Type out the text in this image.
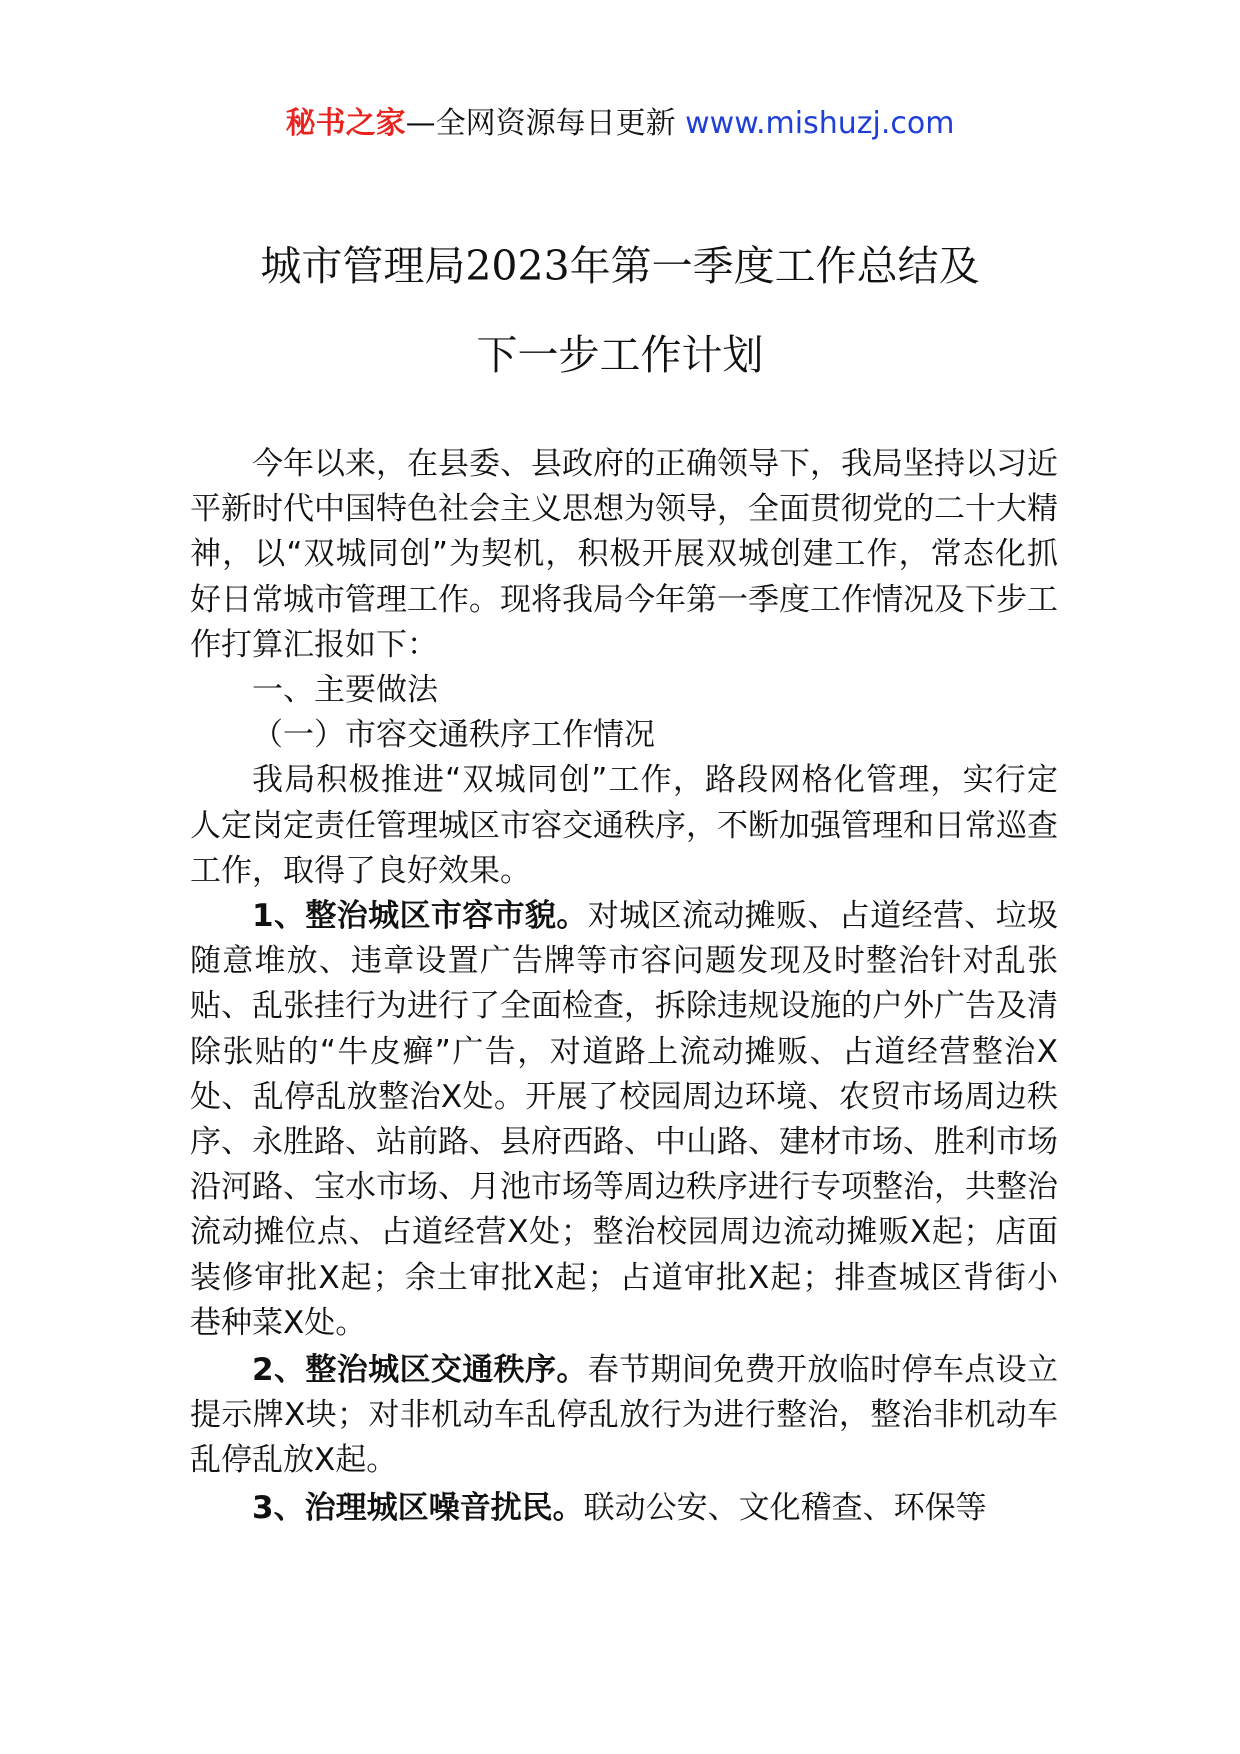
秘书之家—全网资源每日更新 www.mishuzj.com
城市管理局2023年第一季度工作总结及
下一步工作计划

今年以来，在县委、县政府的正确领导下，我局坚持以习近平新时代中国特色社会主义思想为领导，全面贯彻党的二十大精神，以“双城同创”为契机，积极开展双城创建工作，常态化抓好日常城市管理工作。现将我局今年第一季度工作情况及下步工作打算汇报如下：

一、主要做法

（一）市容交通秩序工作情况

我局积极推进“双城同创”工作，路段网格化管理，实行定人定岗定责任管理城区市容交通秩序，不断加强管理和日常巡查工作，取得了良好效果。

1、整治城区市容市貌。对城区流动摊贩、占道经营、垃圾随意堆放、违章设置广告牌等市容问题发现及时整治针对乱张贴、乱张挂行为进行了全面检查，拆除违规设施的户外广告及清除张贴的“牛皮癣”广告，对道路上流动摊贩、占道经营整治X处、乱停乱放整治X处。开展了校园周边环境、农贸市场周边秩序、永胜路、站前路、县府西路、中山路、建材市场、胜利市场沿河路、宝水市场、月池市场等周边秩序进行专项整治，共整治流动摊位点、占道经营X处；整治校园周边流动摊贩X起；店面装修审批X起；余土审批X起；占道审批X起；排查城区背街小巷种菜X处。

2、整治城区交通秩序。春节期间免费开放临时停车点设立提示牌X块；对非机动车乱停乱放行为进行整治，整治非机动车乱停乱放X起。

3、治理城区噪音扰民。联动公安、文化稽查、环保等
